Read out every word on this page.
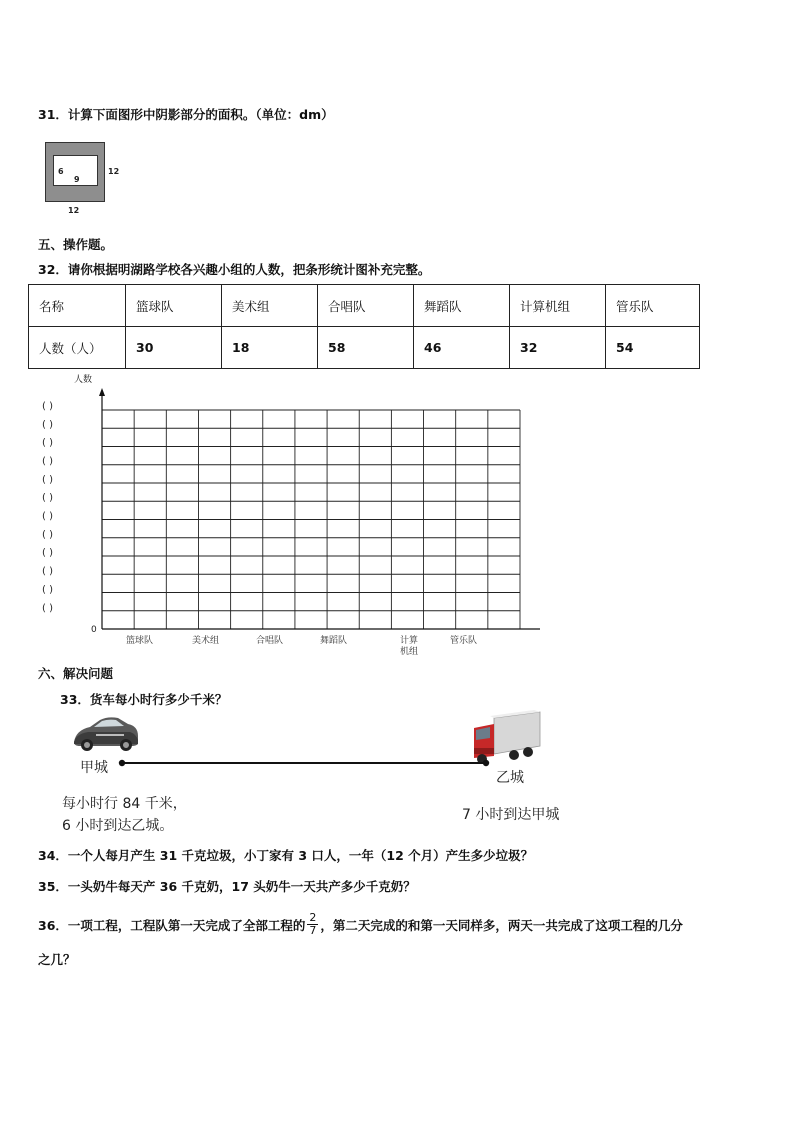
31．计算下面图形中阴影部分的面积。（单位：dm）
6
9
12
12
五、操作题。
32．请你根据明湖路学校各兴趣小组的人数，把条形统计图补充完整。
名称	篮球队	美术组	合唱队	舞蹈队	计算机组	管乐队
人数（人）	30	18	58	46	32	54
人数
0
( )
( )
( )
( )
( )
( )
( )
( )
( )
( )
( )
( )
篮球队	美术组	合唱队	舞蹈队	计算
机组
管乐队
六、解决问题
33．货车每小时行多少千米？
甲城
乙城
每小时行 84 千米，
6 小时到达乙城。
7 小时到达甲城
34．一个人每月产生 31 千克垃圾，小丁家有 3 口人，一年（12 个月）产生多少垃圾？
35．一头奶牛每天产 36 千克奶，17 头奶牛一天共产多少千克奶？
36．一项工程，工程队第一天完成了全部工程的 $\frac{2}{7}$ ，第二天完成的和第一天同样多，两天一共完成了这项工程的几分
之几？
